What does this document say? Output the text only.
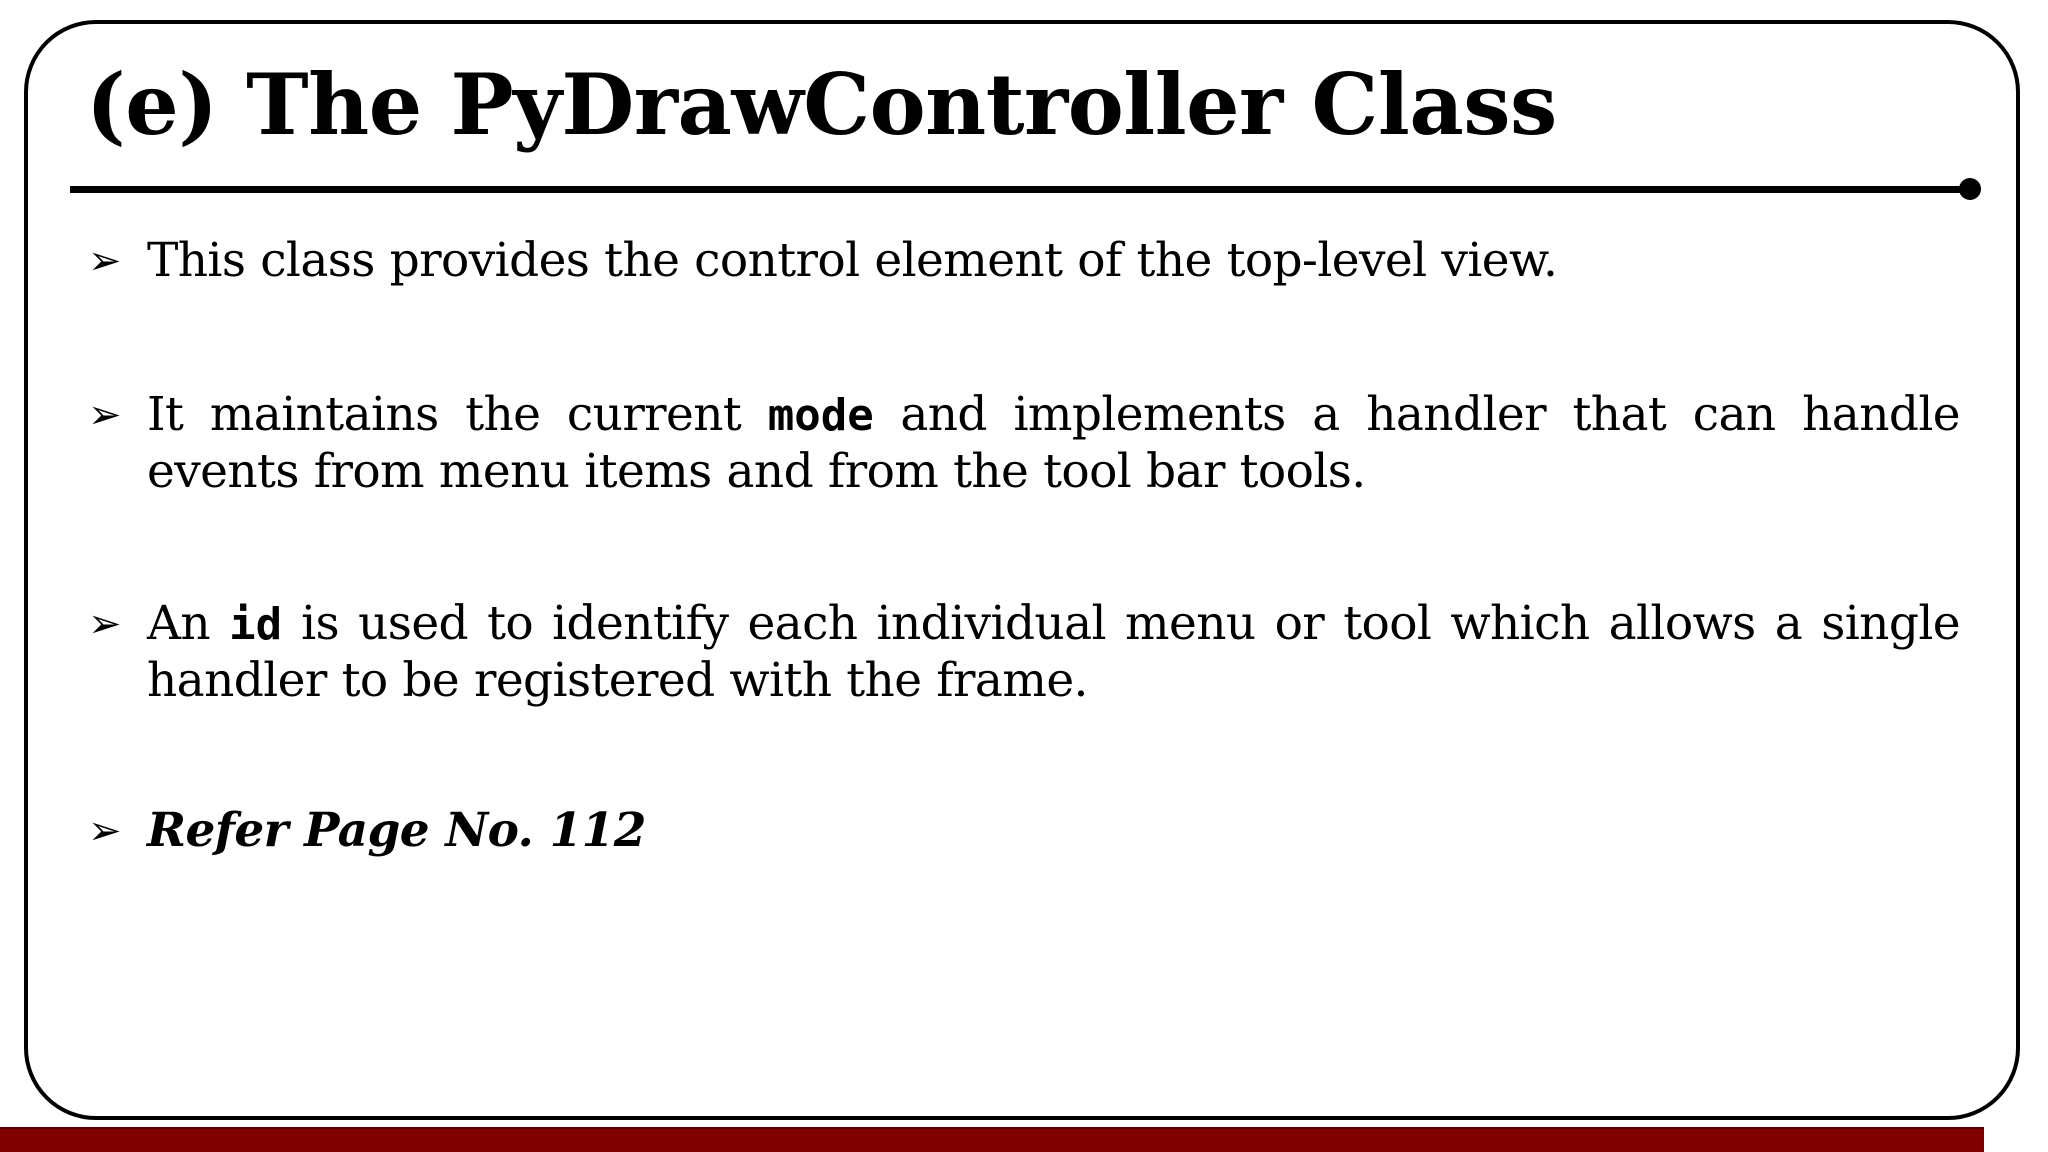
(e) The PyDrawController Class
➢ This class provides the control element of the top-level view.
➢ It maintains the current mode and implements a handler that can handle events from menu items and from the tool bar tools.
➢ An id is used to identify each individual menu or tool which allows a single handler to be registered with the frame.
➢ Refer Page No. 112
